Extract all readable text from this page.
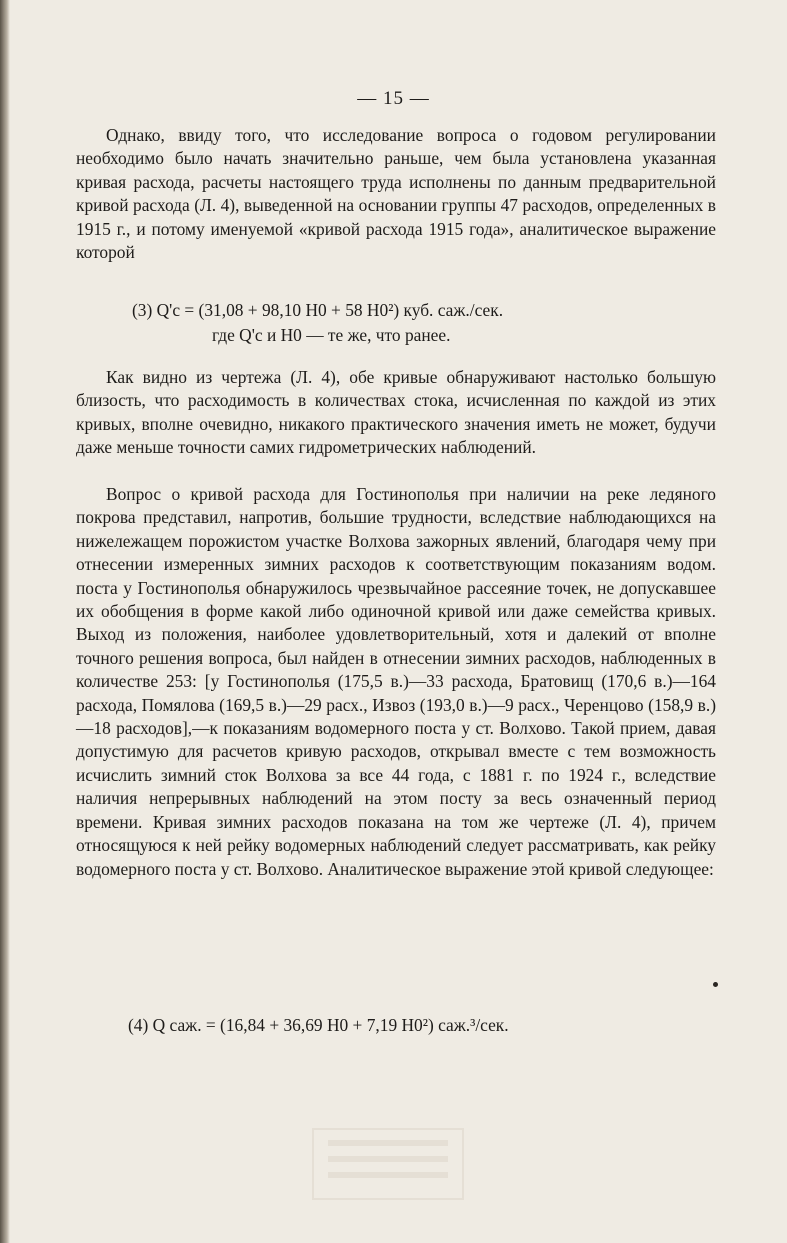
— 15 —

Однако, ввиду того, что исследование вопроса о годовом регулировании необходимо было начать значительно раньше, чем была установлена указанная кривая расхода, расчеты настоящего труда исполнены по данным предварительной кривой расхода (Л. 4), выведенной на основании группы 47 расходов, определенных в 1915 г., и потому именуемой «кривой расхода 1915 года», аналитическое выражение которой

(3) Q'c = (31,08 + 98,10 H0 + 58 H0²) куб. саж./сек.
где Q'c и H0 — те же, что ранее.

Как видно из чертежа (Л. 4), обе кривые обнаруживают настолько большую близость, что расходимость в количествах стока, исчисленная по каждой из этих кривых, вполне очевидно, никакого практического значения иметь не может, будучи даже меньше точности самих гидрометрических наблюдений.

Вопрос о кривой расхода для Гостинополья при наличии на реке ледяного покрова представил, напротив, большие трудности, вследствие наблюдающихся на нижележащем порожистом участке Волхова зажорных явлений, благодаря чему при отнесении измеренных зимних расходов к соответствующим показаниям водом. поста у Гостинополья обнаружилось чрезвычайное рассеяние точек, не допускавшее их обобщения в форме какой либо одиночной кривой или даже семейства кривых. Выход из положения, наиболее удовлетворительный, хотя и далекий от вполне точного решения вопроса, был найден в отнесении зимних расходов, наблюденных в количестве 253: [у Гостинополья (175,5 в.)—33 расхода, Братовищ (170,6 в.)—164 расхода, Помялова (169,5 в.)—29 расх., Извоз (193,0 в.)—9 расх., Черенцово (158,9 в.)—18 расходов],—к показаниям водомерного поста у ст. Волхово. Такой прием, давая допустимую для расчетов кривую расходов, открывал вместе с тем возможность исчислить зимний сток Волхова за все 44 года, с 1881 г. по 1924 г., вследствие наличия непрерывных наблюдений на этом посту за весь означенный период времени. Кривая зимних расходов показана на том же чертеже (Л. 4), причем относящуюся к ней рейку водомерных наблюдений следует рассматривать, как рейку водомерного поста у ст. Волхово. Аналитическое выражение этой кривой следующее:

(4) Q саж. = (16,84 + 36,69 H0 + 7,19 H0²) саж.³/сек.
